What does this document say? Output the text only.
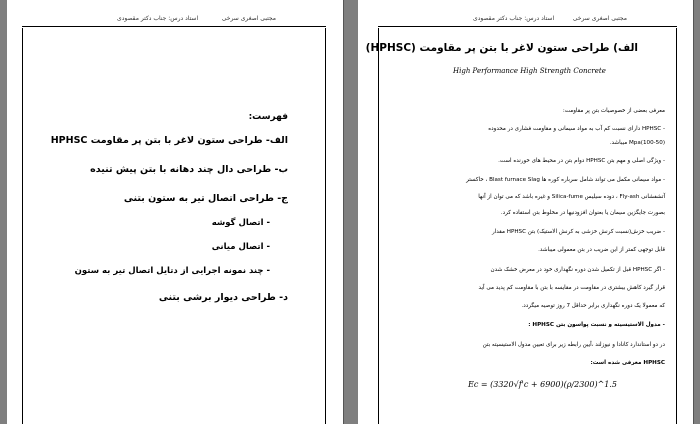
مجتبی اصغری سرخی
استاد درس: جناب دکتر مقصودی
فهرست:
الف- طراحی ستون لاغر با بتن پر مقاومت HPHSC
ب- طراحی دال چند دهانه با بتن پیش تنیده
ج- طراحی اتصال تیر به ستون بتنی
- اتصال گوشه
- اتصال میانی
- چند نمونه اجرایی از دتایل اتصال تیر به ستون
د- طراحی دیوار برشی بتنی
مجتبی اصغری سرخی
استاد درس: جناب دکتر مقصودی
الف) طراحی ستون لاغر با بتن پر مقاومت (HPHSC)
High Performance High Strength Concrete
معرفی بعضی از خصوصیات بتن پر مقاومت:
- HPHSC دارای نسبت کم آب به مواد سیمانی و مقاومت فشاری در محدوده
(100-50)Mpa میباشد.
- ویژگی اصلی و مهم بتن HPHSC دوام بتن در محیط های خورنده است.
- مواد سیمانی مکمل می تواند شامل سرباره کوره ها Blast furnace Slag ، خاکستر
آتشفشانی Fly-ash ، دوده سیلیس Silica-fume و غیره باشد که می توان از آنها
بصورت جایگزین سیمان یا بعنوان افزودنیها در مخلوط بتن استفاده کرد.
- ضریب خزش(نسبت کرنش خزشی به کرنش الاستیک) بتن HPHSC مقدار
قابل توجهی کمتر از این ضریب در بتن معمولی میباشد.
- اگر HPHSC قبل از تکمیل شدن دوره نگهداری خود در معرض خشک شدن
قرار گیرد کاهش بیشتری در مقاومت در مقایسه با بتن با مقاومت کم پدید می آید
که معمولا یک دوره نگهداری برابر حداقل 7 روز توصیه میگردد.
- مدول الاستیسیته و نسبت پواسون بتن HPHSC :
در دو استاندارد کانادا و نیوزلند ،آیین رابطه زیر برای تعیین مدول الاستیسیته بتن
HPHSC معرفی شده است:
Ec = (3320√f'c + 6900)(ρ/2300)^1.5
